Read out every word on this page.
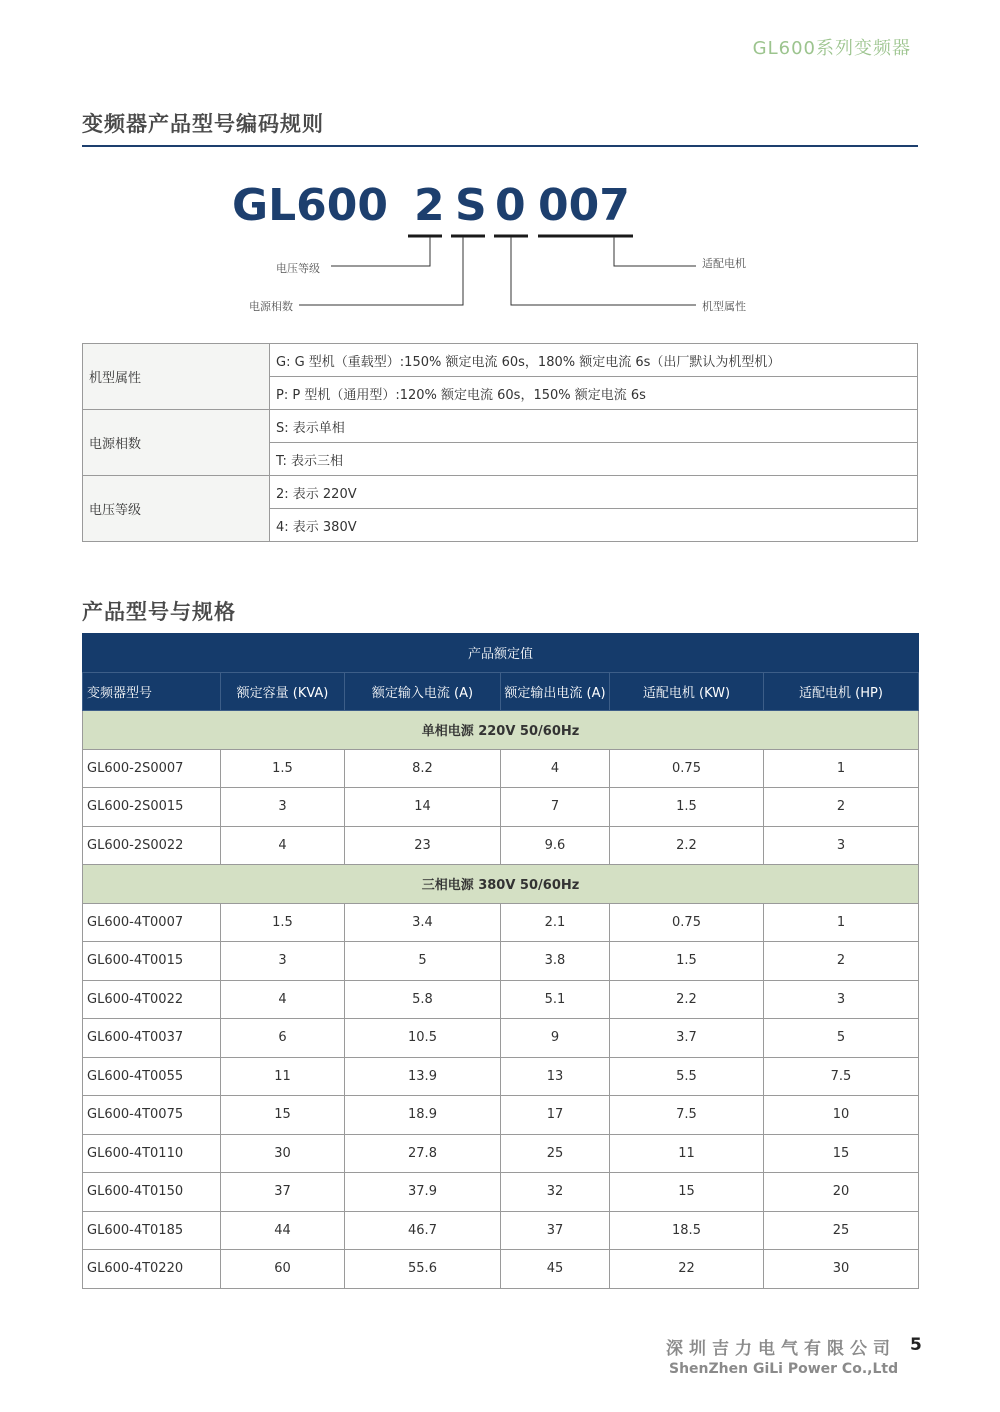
GL600系列变频器
变频器产品型号编码规则
GL600 2 S 0 007
电压等级
电源相数
适配电机
机型属性
机型属性	G: G 型机（重载型）:150% 额定电流 60s，180% 额定电流 6s（出厂默认为机型机）
	P: P 型机（通用型）:120% 额定电流 60s，150% 额定电流 6s
电源相数	S: 表示单相
	T: 表示三相
电压等级	2: 表示 220V
	4: 表示 380V
产品型号与规格
产品额定值					
变频器型号	额定容量 (KVA)	额定输入电流 (A)	额定输出电流 (A)	适配电机 (KW)	适配电机 (HP)
单相电源 220V 50/60Hz					
GL600-2S0007	1.5	8.2	4	0.75	1
GL600-2S0015	3	14	7	1.5	2
GL600-2S0022	4	23	9.6	2.2	3
三相电源 380V 50/60Hz					
GL600-4T0007	1.5	3.4	2.1	0.75	1
GL600-4T0015	3	5	3.8	1.5	2
GL600-4T0022	4	5.8	5.1	2.2	3
GL600-4T0037	6	10.5	9	3.7	5
GL600-4T0055	11	13.9	13	5.5	7.5
GL600-4T0075	15	18.9	17	7.5	10
GL600-4T0110	30	27.8	25	11	15
GL600-4T0150	37	37.9	32	15	20
GL600-4T0185	44	46.7	37	18.5	25
GL600-4T0220	60	55.6	45	22	30
深圳吉力电气有限公司
ShenZhen GiLi Power Co.,Ltd
5
